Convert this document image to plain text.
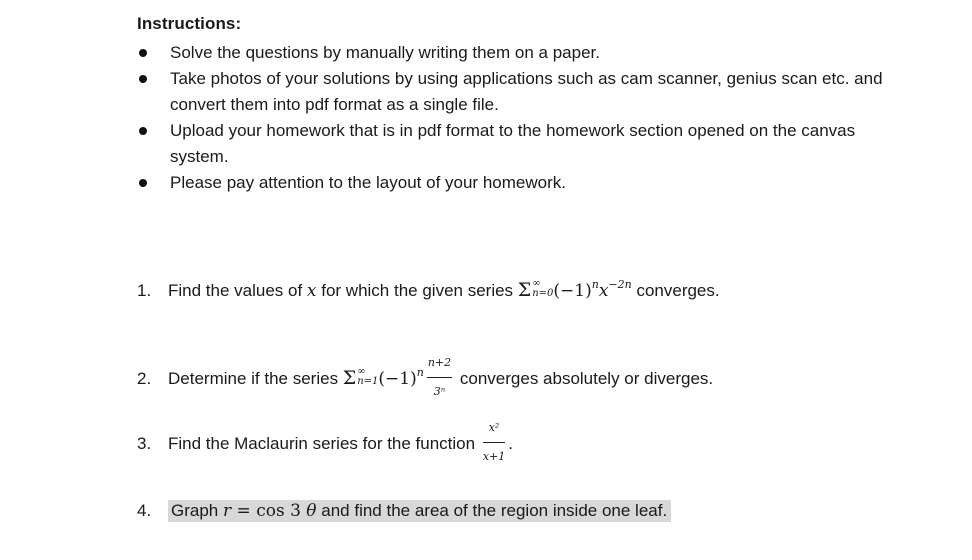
Instructions:
Solve the questions by manually writing them on a paper.
Take photos of your solutions by using applications such as cam scanner, genius scan etc. and convert them into pdf format as a single file.
Upload your homework that is in pdf format to the homework section opened on the canvas system.
Please pay attention to the layout of your homework.
1. Find the values of x for which the given series Σ ∞
n=0 $(-1)^nx^{-2n}$ converges.
2. Determine if the series Σ ∞
n=1 $(-1)^n \frac{n+2}{\text{3ⁿ}}$ converges absolutely or diverges.
3. Find the Maclaurin series for the function $\frac{\text{x²}}{x+1}$ .
4. Graph r = cos 3 θ and find the area of the region inside one leaf.
